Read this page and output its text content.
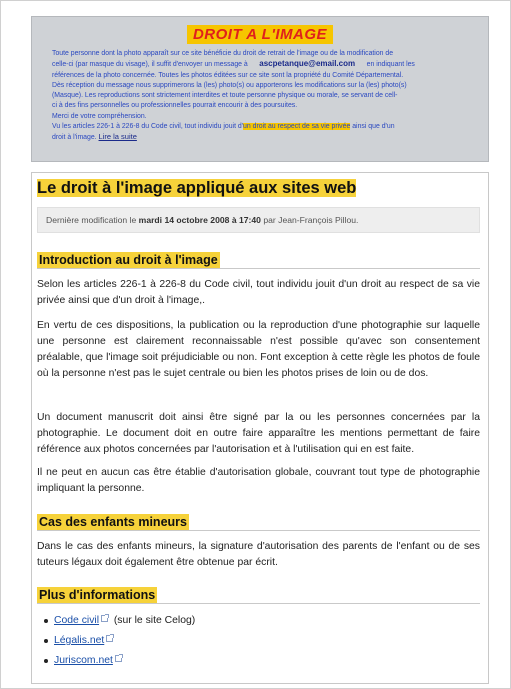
DROIT A L'IMAGE

Toute personne dont la photo apparaît sur ce site bénéficie du droit de retrait de l'image ou de la modification de

celle-ci (par masque du visage), il suffit d'envoyer un message à ascpetanque@email.com en indiquant les

références de la photo concernée. Toutes les photos éditées sur ce site sont la propriété du Comité Départemental.

Dès réception du message nous supprimerons la (les) photo(s) ou apporterons les modifications sur la (les) photo(s)

(Masque). Les reproductions sont strictement interdites et toute personne physique ou morale, se servant de cell-

ci à des fins personnelles ou professionnelles pourrait encourir à des poursuites.

Merci de votre compréhension.

Vu les articles 226-1 à 226-8 du Code civil, tout individu jouit d'un droit au respect de sa vie privée ainsi que d'un

droit à l'image. Lire la suite

Le droit à l'image appliqué aux sites web
Dernière modification le mardi 14 octobre 2008 à 17:40 par Jean-François Pillou.
Introduction au droit à l'image

Selon les articles 226-1 à 226-8 du Code civil, tout individu jouit d'un droit au respect de sa vie privée ainsi que d'un droit à l'image,.

En vertu de ces dispositions, la publication ou la reproduction d'une photographie sur laquelle une personne est clairement reconnaissable n'est possible qu'avec son consentement préalable, que l'image soit préjudiciable ou non. Font exception à cette règle les photos de foule où la personne n'est pas le sujet centrale ou bien les photos prises de loin ou de dos.

Un document manuscrit doit ainsi être signé par la ou les personnes concernées par la photographie. Le document doit en outre faire apparaître les mentions permettant de faire référence aux photos concernées par l'autorisation et à l'utilisation qui en est faite.

Il ne peut en aucun cas être établie d'autorisation globale, couvrant tout type de photographie impliquant la personne.

Cas des enfants mineurs

Dans le cas des enfants mineurs, la signature d'autorisation des parents de l'enfant ou de ses tuteurs légaux doit également être obtenue par écrit.

Plus d'informations
Code civil (sur le site Celog)
Légalis.net
Juriscom.net
